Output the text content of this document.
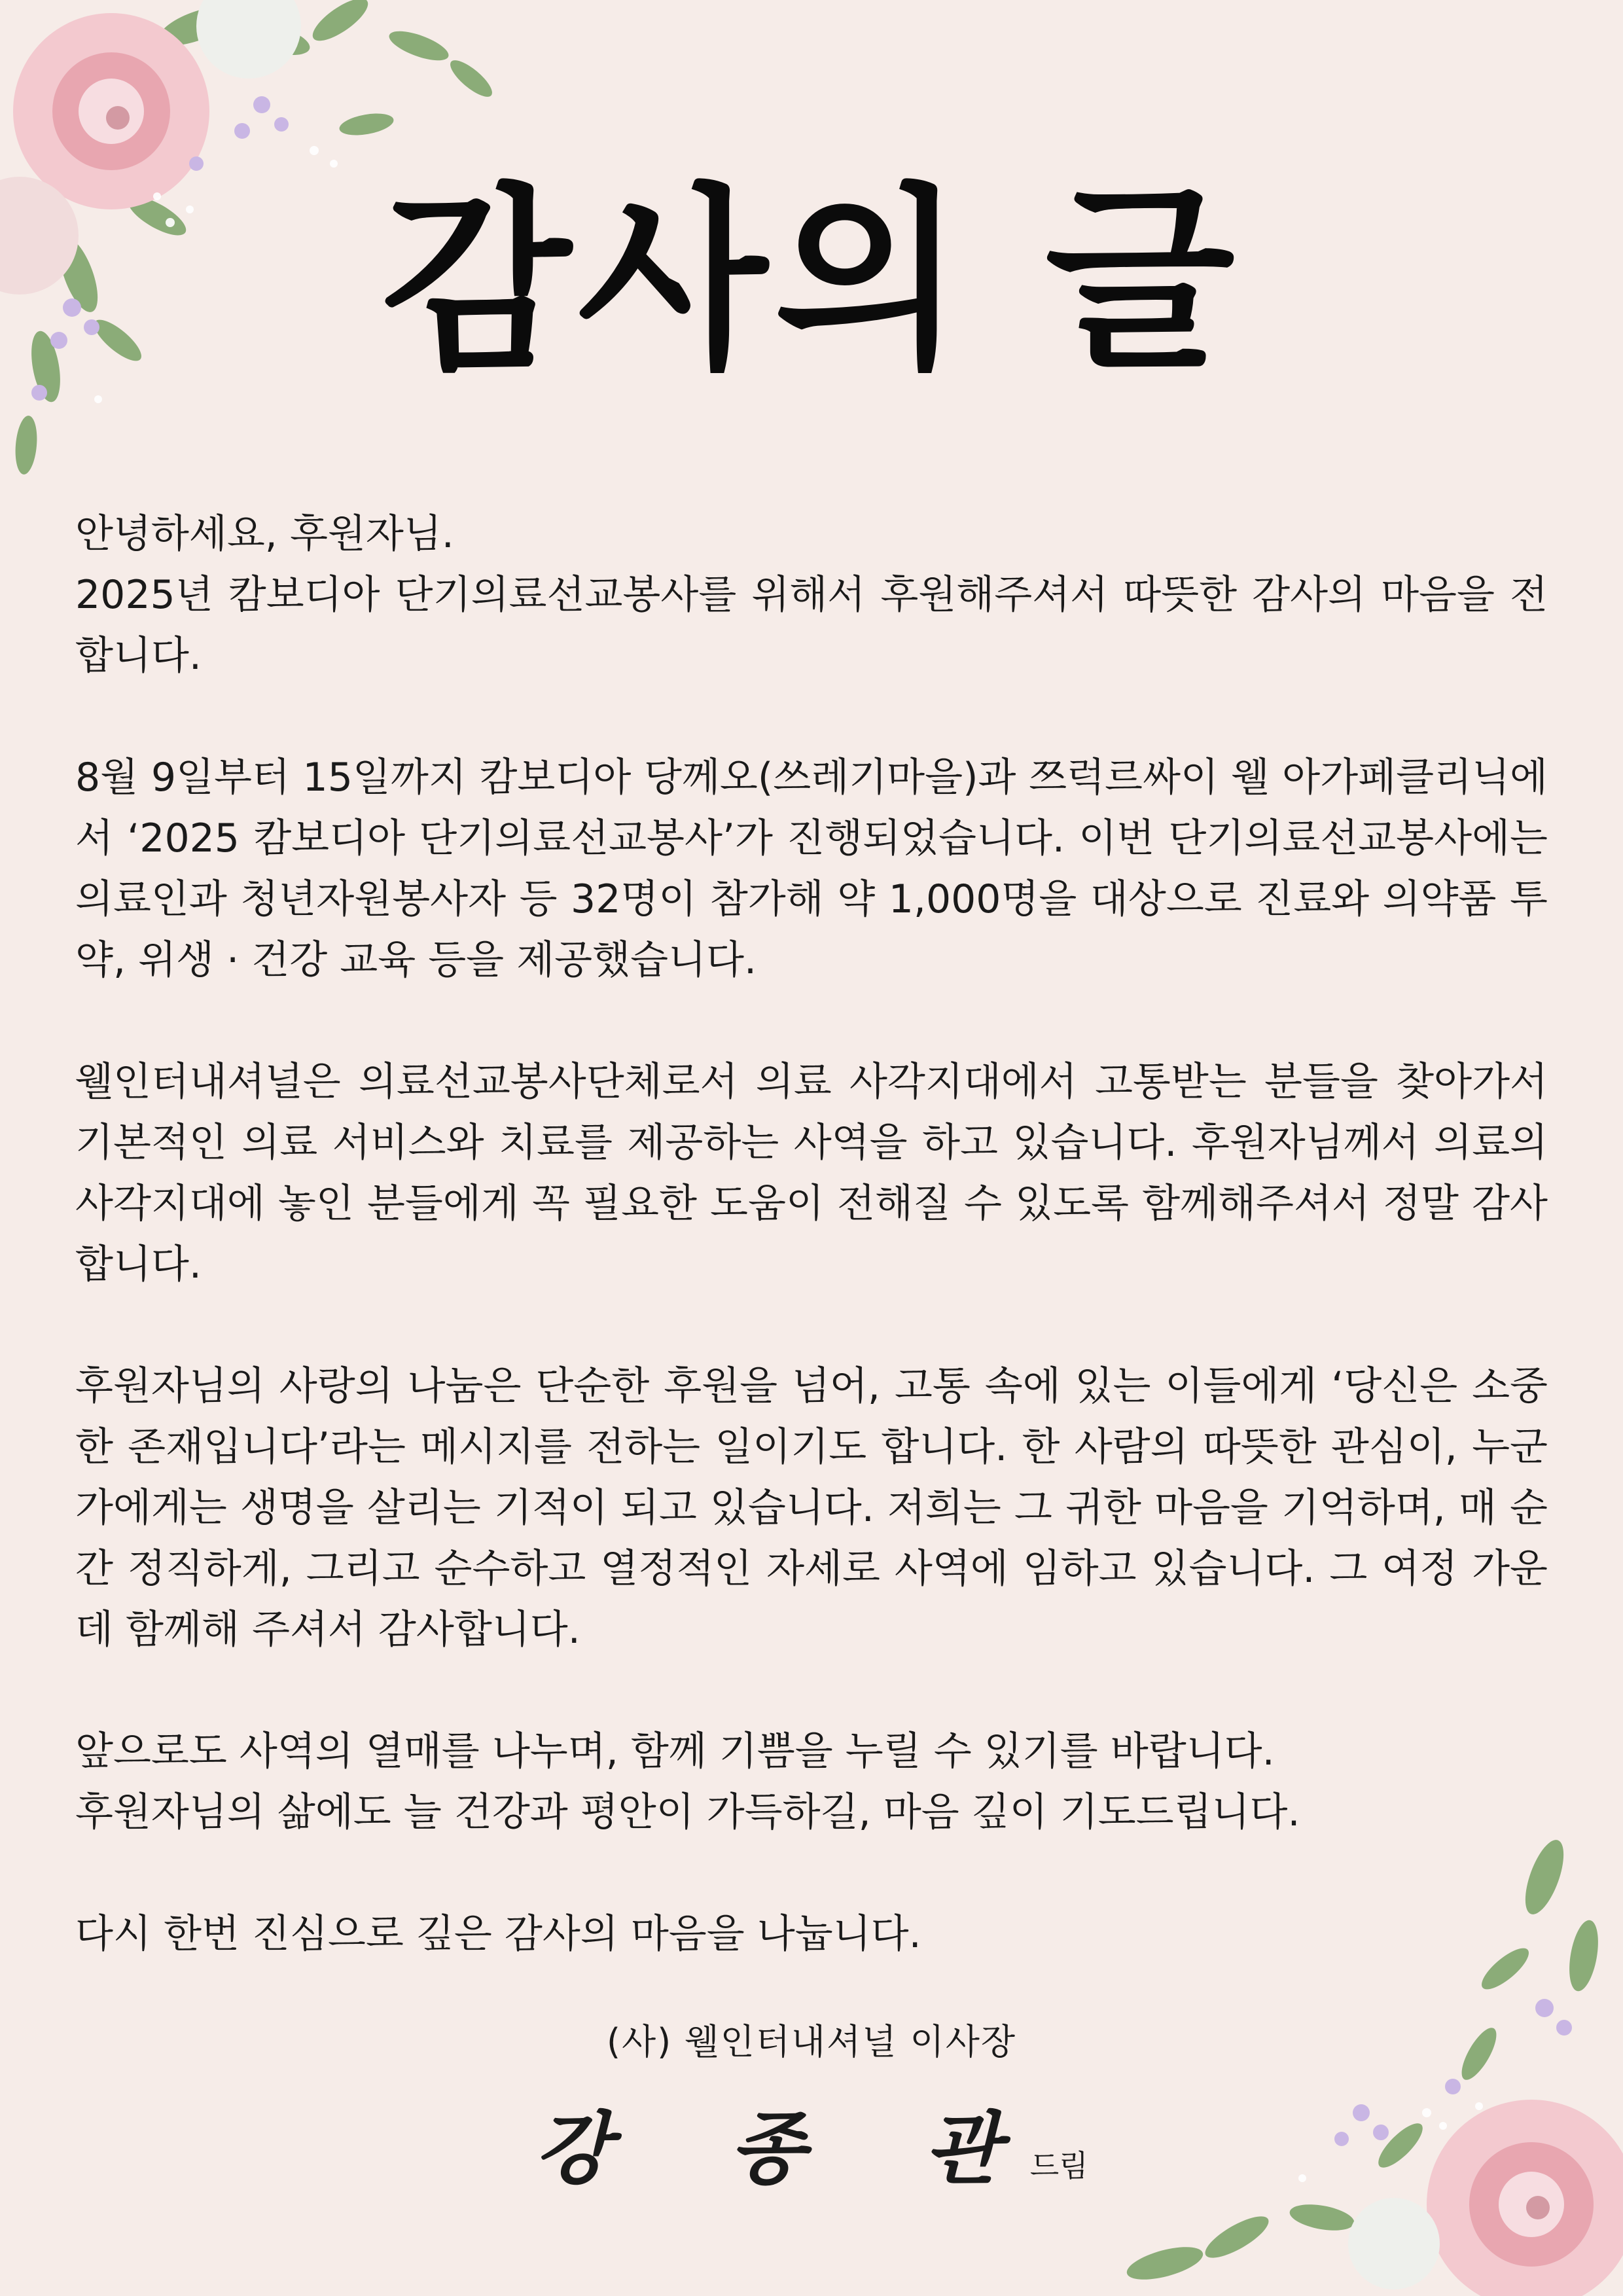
감사의 글

안녕하세요, 후원자님.

2025년 캄보디아 단기의료선교봉사를 위해서 후원해주셔서 따뜻한 감사의 마음을 전합니다.

8월 9일부터 15일까지 캄보디아 당께오(쓰레기마을)과 쯔럭르싸이 웰 아가페클리닉에서 ‘2025 캄보디아 단기의료선교봉사’가 진행되었습니다. 이번 단기의료선교봉사에는 의료인과 청년자원봉사자 등 32명이 참가해 약 1,000명을 대상으로 진료와 의약품 투약, 위생 · 건강 교육 등을 제공했습니다.

웰인터내셔널은 의료선교봉사단체로서 의료 사각지대에서 고통받는 분들을 찾아가서 기본적인 의료 서비스와 치료를 제공하는 사역을 하고 있습니다. 후원자님께서 의료의 사각지대에 놓인 분들에게 꼭 필요한 도움이 전해질 수 있도록 함께해주셔서 정말 감사합니다.

후원자님의 사랑의 나눔은 단순한 후원을 넘어, 고통 속에 있는 이들에게 ‘당신은 소중한 존재입니다’라는 메시지를 전하는 일이기도 합니다. 한 사람의 따뜻한 관심이, 누군가에게는 생명을 살리는 기적이 되고 있습니다. 저희는 그 귀한 마음을 기억하며, 매 순간 정직하게, 그리고 순수하고 열정적인 자세로 사역에 임하고 있습니다. 그 여정 가운데 함께해 주셔서 감사합니다.

앞으로도 사역의 열매를 나누며, 함께 기쁨을 누릴 수 있기를 바랍니다.

후원자님의 삶에도 늘 건강과 평안이 가득하길, 마음 깊이 기도드립니다.

다시 한번 진심으로 깊은 감사의 마음을 나눕니다.

(사) 웰인터내셔널 이사장
강 종 관 드림
